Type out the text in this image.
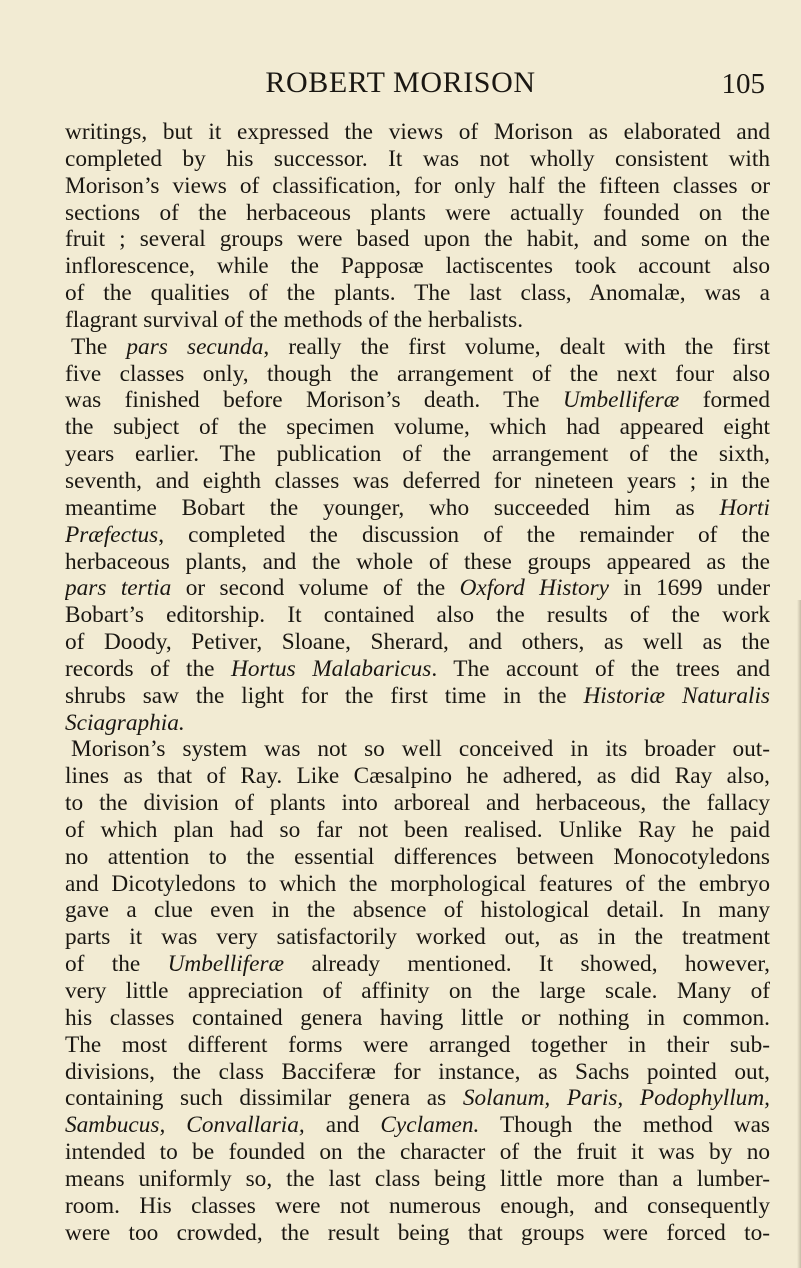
ROBERT MORISON	105
writings, but it expressed the views of Morison as elaborated and
completed by his successor. It was not wholly consistent with
Morison’s views of classification, for only half the fifteen classes or
sections of the herbaceous plants were actually founded on the
fruit ; several groups were based upon the habit, and some on the
inflorescence, while the Papposæ lactiscentes took account also
of the qualities of the plants. The last class, Anomalæ, was a
flagrant survival of the methods of the herbalists.
The pars secunda, really the first volume, dealt with the first
five classes only, though the arrangement of the next four also
was finished before Morison’s death. The Umbelliferæ formed
the subject of the specimen volume, which had appeared eight
years earlier. The publication of the arrangement of the sixth,
seventh, and eighth classes was deferred for nineteen years ; in the
meantime Bobart the younger, who succeeded him as Horti
Præfectus, completed the discussion of the remainder of the
herbaceous plants, and the whole of these groups appeared as the
pars tertia or second volume of the Oxford History in 1699 under
Bobart’s editorship. It contained also the results of the work
of Doody, Petiver, Sloane, Sherard, and others, as well as the
records of the Hortus Malabaricus. The account of the trees and
shrubs saw the light for the first time in the Historiæ Naturalis
Sciagraphia.
Morison’s system was not so well conceived in its broader out-
lines as that of Ray. Like Cæsalpino he adhered, as did Ray also,
to the division of plants into arboreal and herbaceous, the fallacy
of which plan had so far not been realised. Unlike Ray he paid
no attention to the essential differences between Monocotyledons
and Dicotyledons to which the morphological features of the embryo
gave a clue even in the absence of histological detail. In many
parts it was very satisfactorily worked out, as in the treatment
of the Umbelliferæ already mentioned. It showed, however,
very little appreciation of affinity on the large scale. Many of
his classes contained genera having little or nothing in common.
The most different forms were arranged together in their sub-
divisions, the class Bacciferæ for instance, as Sachs pointed out,
containing such dissimilar genera as Solanum, Paris, Podophyllum,
Sambucus, Convallaria, and Cyclamen. Though the method was
intended to be founded on the character of the fruit it was by no
means uniformly so, the last class being little more than a lumber-
room. His classes were not numerous enough, and consequently
were too crowded, the result being that groups were forced to-
